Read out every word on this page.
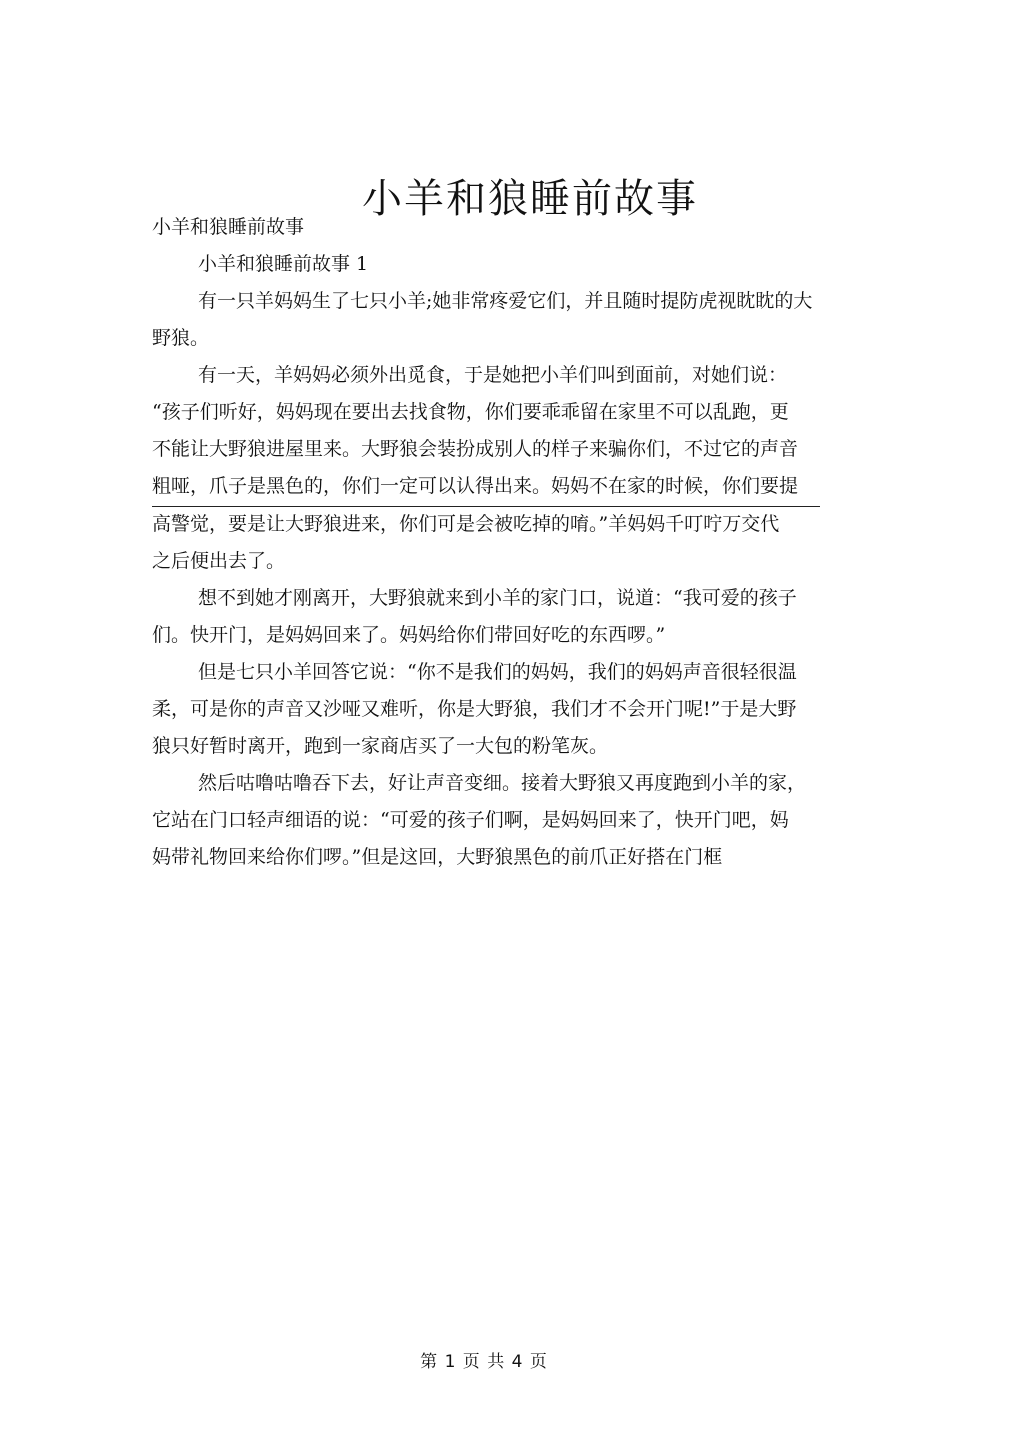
小羊和狼睡前故事

小羊和狼睡前故事

小羊和狼睡前故事 1

有一只羊妈妈生了七只小羊;她非常疼爱它们，并且随时提防虎视眈眈的大

野狼。

有一天，羊妈妈必须外出觅食，于是她把小羊们叫到面前，对她们说：

“孩子们听好，妈妈现在要出去找食物，你们要乖乖留在家里不可以乱跑，更

不能让大野狼进屋里来。大野狼会装扮成别人的样子来骗你们，不过它的声音

粗哑，爪子是黑色的，你们一定可以认得出来。妈妈不在家的时候，你们要提

高警觉，要是让大野狼进来，你们可是会被吃掉的唷。”羊妈妈千叮咛万交代

之后便出去了。

想不到她才刚离开，大野狼就来到小羊的家门口，说道：“我可爱的孩子

们。快开门，是妈妈回来了。妈妈给你们带回好吃的东西啰。”

但是七只小羊回答它说：“你不是我们的妈妈，我们的妈妈声音很轻很温

柔，可是你的声音又沙哑又难听，你是大野狼，我们才不会开门呢!”于是大野

狼只好暂时离开，跑到一家商店买了一大包的粉笔灰。

然后咕噜咕噜吞下去，好让声音变细。接着大野狼又再度跑到小羊的家，

它站在门口轻声细语的说：“可爱的孩子们啊，是妈妈回来了，快开门吧，妈

妈带礼物回来给你们啰。”但是这回，大野狼黑色的前爪正好搭在门框

第 1 页 共 4 页
